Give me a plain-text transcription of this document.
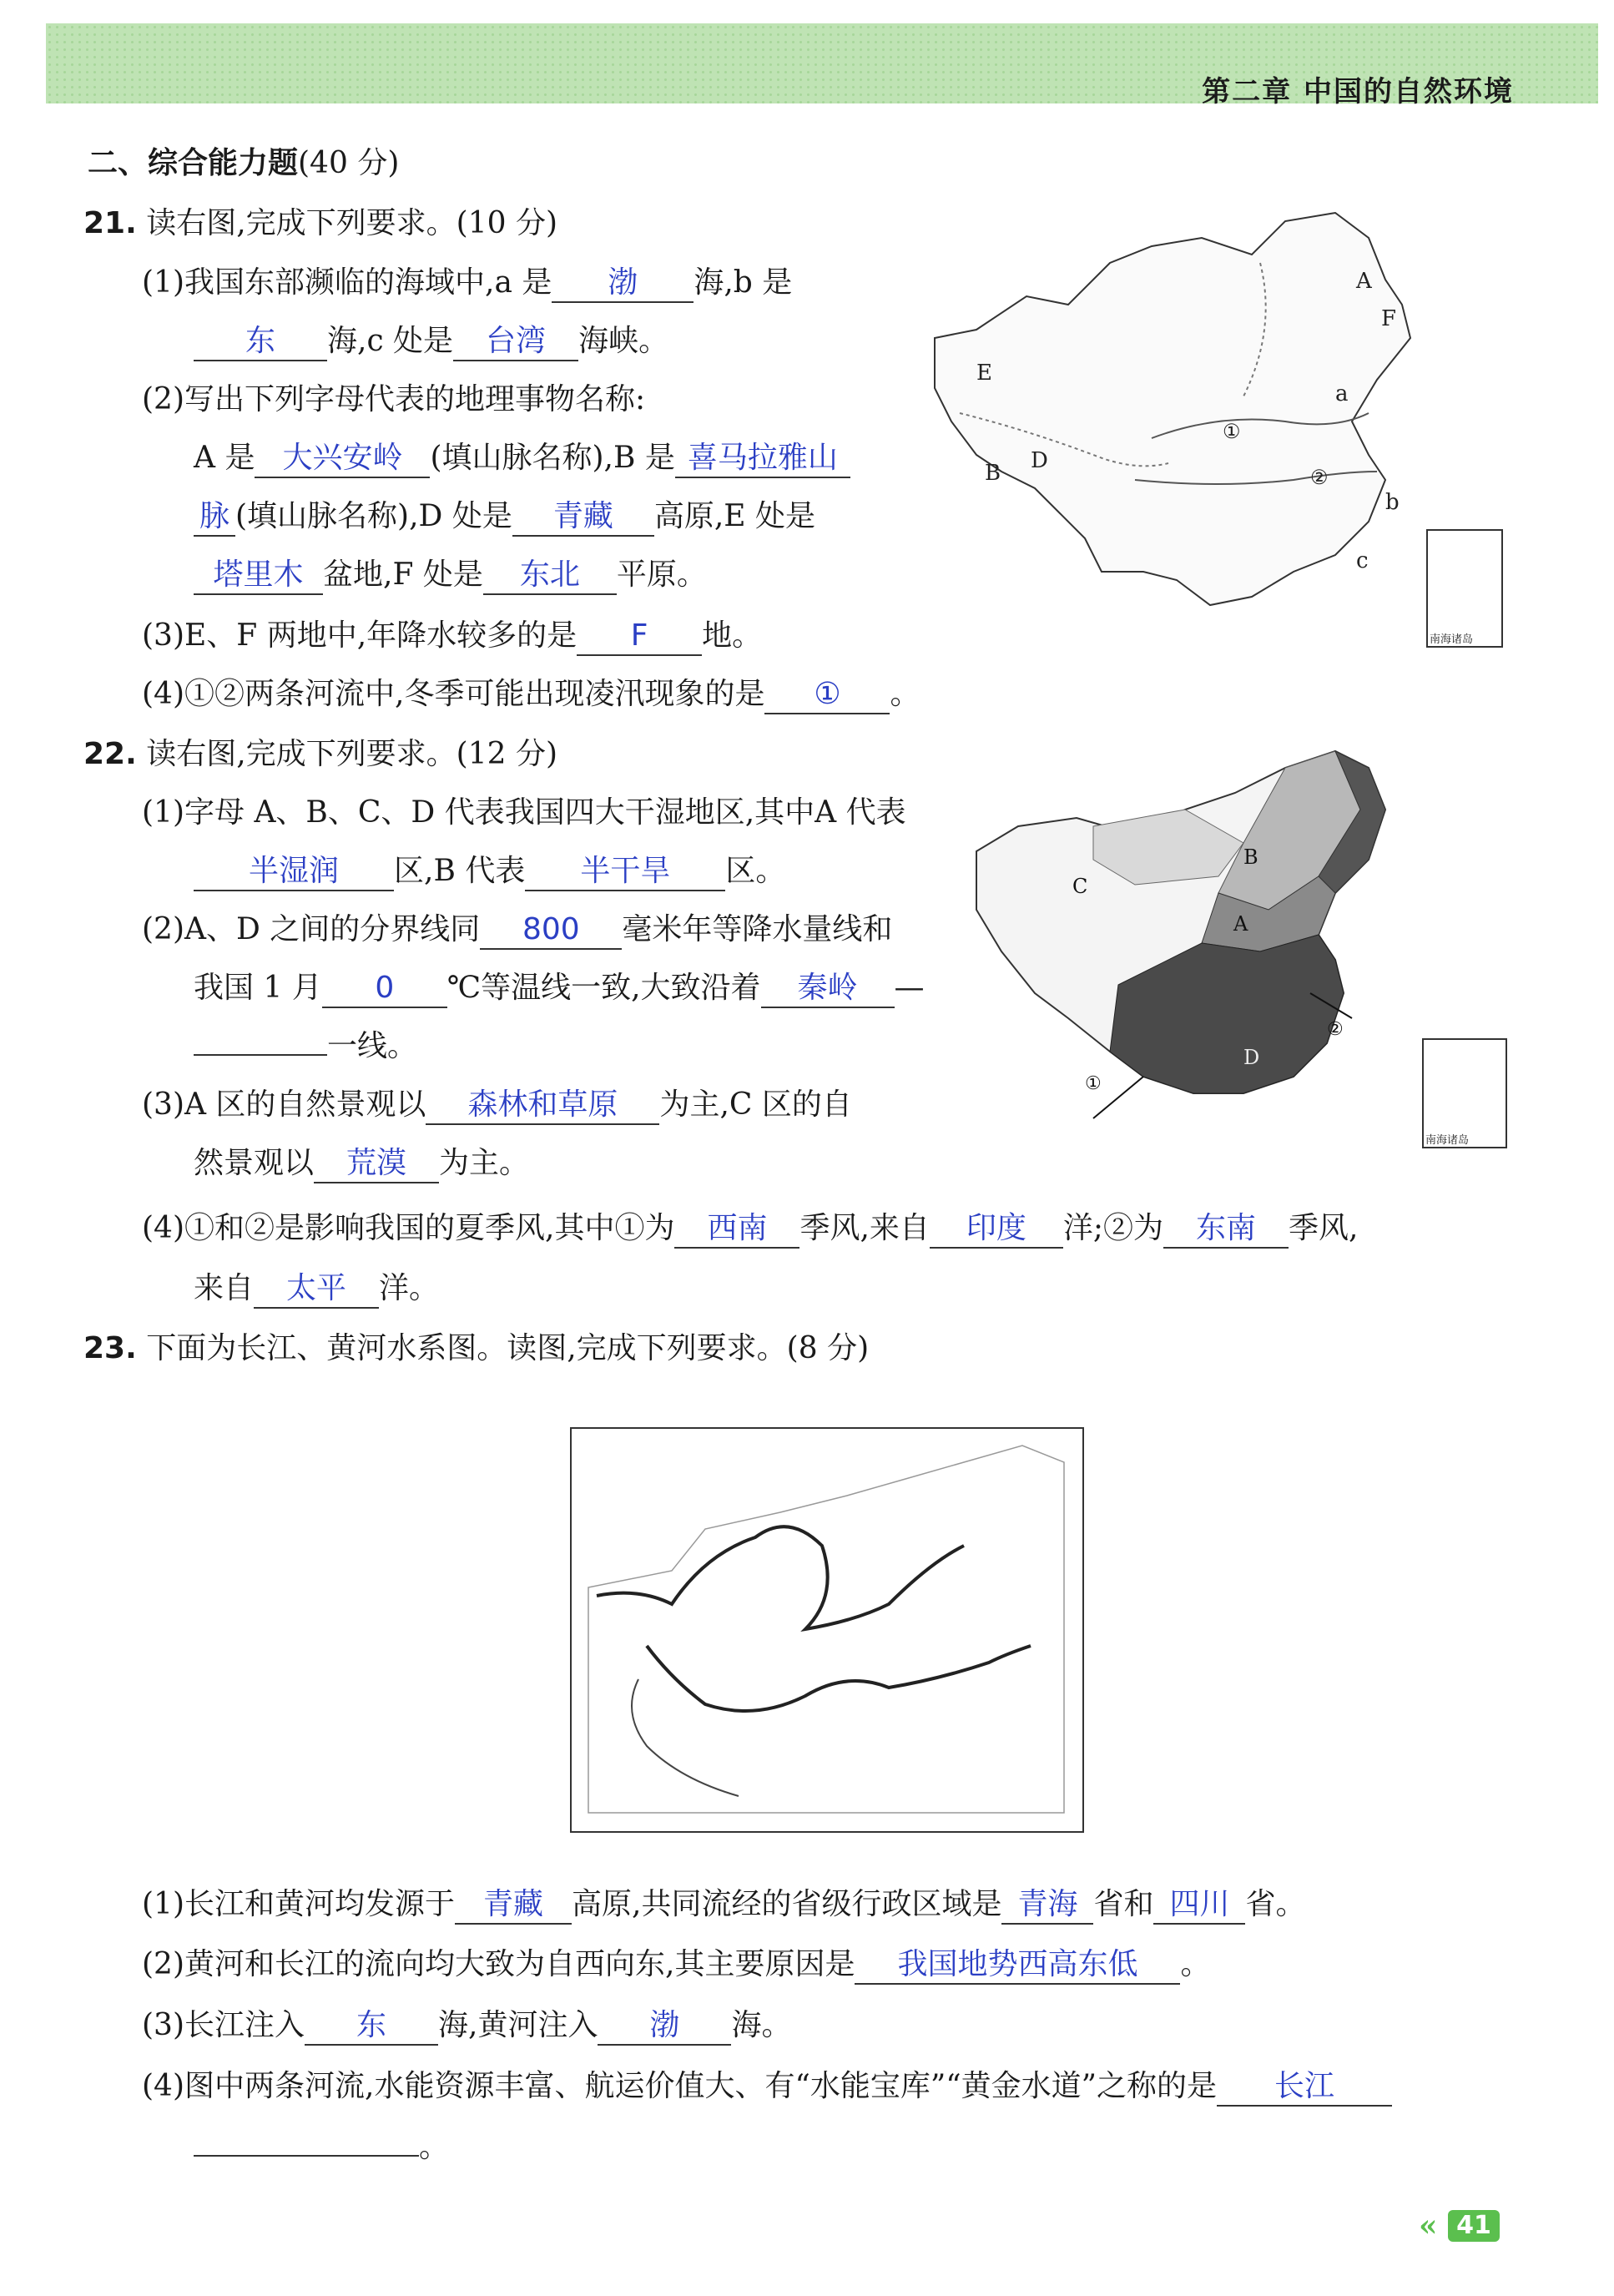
第二章 中国的自然环境
二、综合能力题(40 分)
21. 读右图,完成下列要求。(10 分)
(1)我国东部濒临的海域中,a 是 渤 海,b 是
东 海,c 处是 台湾 海峡。
(2)写出下列字母代表的地理事物名称:
A 是 大兴安岭 (填山脉名称),B 是 喜马拉雅山
脉 (填山脉名称),D 处是 青藏 高原,E 处是
塔里木 盆地,F 处是 东北 平原。
(3)E、F 两地中,年降水较多的是 F 地。
(4)①②两条河流中,冬季可能出现凌汛现象的是 ① 。
A
F
E
a
①
②
B D
b
c
南海诸岛
22. 读右图,完成下列要求。(12 分)
(1)字母 A、B、C、D 代表我国四大干湿地区,其中A 代表
半湿润 区,B 代表 半干旱 区。
(2)A、D 之间的分界线同 800 毫米年等降水量线和
我国 1 月 0 ℃等温线一致,大致沿着 秦岭 —
一线。
(3)A 区的自然景观以 森林和草原 为主,C 区的自
然景观以 荒漠 为主。
(4)①和②是影响我国的夏季风,其中①为 西南 季风,来自 印度 洋;②为 东南 季风,
来自 太平 洋。
B
C
A
D
②
①
南海诸岛
23. 下面为长江、黄河水系图。读图,完成下列要求。(8 分)
(1)长江和黄河均发源于 青藏 高原,共同流经的省级行政区域是 青海 省和 四川 省。
(2)黄河和长江的流向均大致为自西向东,其主要原因是 我国地势西高东低 。
(3)长江注入 东 海,黄河注入 渤 海。
(4)图中两条河流,水能资源丰富、航运价值大、有“水能宝库”“黄金水道”之称的是 长江
。
« 41
